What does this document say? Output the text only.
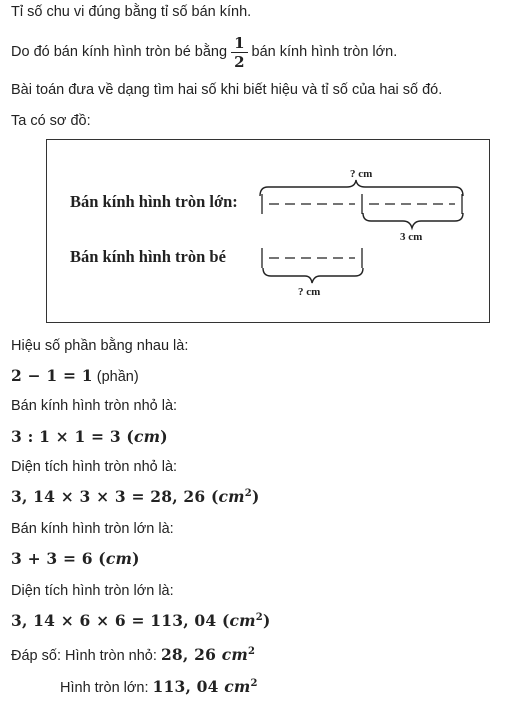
Tỉ số chu vi đúng bằng tỉ số bán kính.
Do đó bán kính hình tròn bé bằng $\frac{1}{2}$ bán kính hình tròn lớn.
Bài toán đưa về dạng tìm hai số khi biết hiệu và tỉ số của hai số đó.
Ta có sơ đồ:
Bán kính hình tròn lớn:
Bán kính hình tròn bé
? cm
3 cm
? cm
Hiệu số phần bằng nhau là:
2 − 1 = 1 (phần)
Bán kính hình tròn nhỏ là:
3 : 1 × 1 = 3 (cm)
Diện tích hình tròn nhỏ là:
3, 14 × 3 × 3 = 28, 26 $(cm^2)$
Bán kính hình tròn lớn là:
3 + 3 = 6 (cm)
Diện tích hình tròn lớn là:
3, 14 × 6 × 6 = 113, 04 $(cm^2)$
Đáp số: Hình tròn nhỏ: 28, 26 $cm^2$
Hình tròn lớn: 113, 04 $cm^2$
